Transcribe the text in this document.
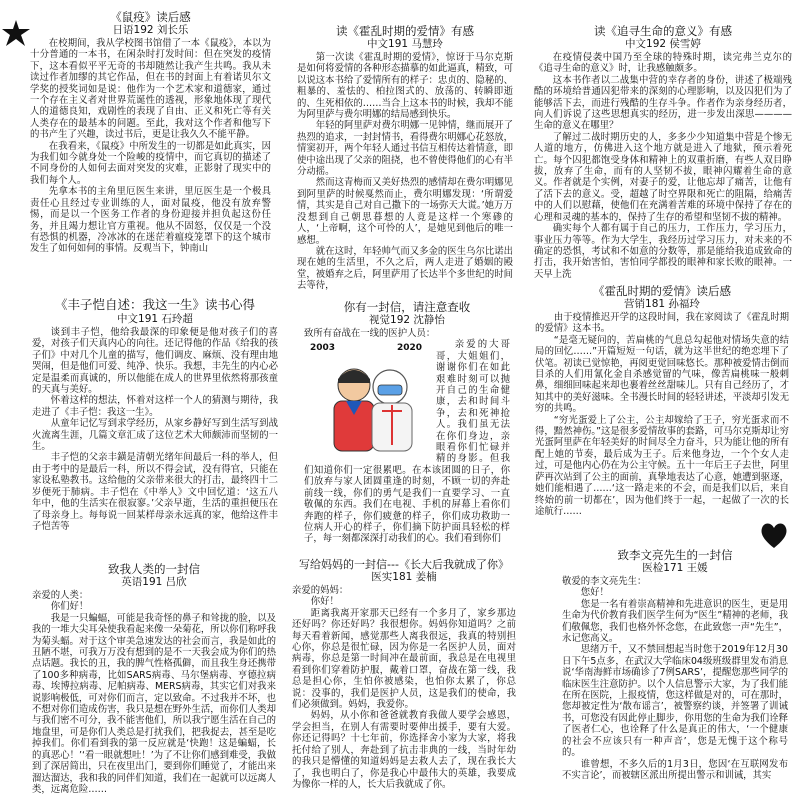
《鼠疫》读后感
日语192 刘长乐

在校期间，我从学校图书馆借了一本《鼠疫》，本以为十分普通的一本书，在闲杂时打发时间：但在突发的疫情下，这本看似平平无奇的书却随然让我产生共鸣。我从未读过作者加缪的其它作品，但在书的封面上有着诺贝尔文学奖的授奖词如是说：他作为一个艺术家和道德家，通过一个存在主义者对世界荒诞性的透视，形象地体现了现代人的道德良知，戏剧性的表现了自由、正义和死亡等有关人类存在的最基本的问题。至此，我对这个作者和他写下的书产生了兴趣，读过书后，更是让我久久不能平静。

在我看来，《鼠疫》中所发生的一切都是如此真实，因为我们如今就身处一个险峻的疫情中，而它真切的描述了不同身份的人如何去面对突发的灾难，正影射了现实中的我们每个人。

先拿本书的主角里厄医生来讲，里厄医生是一个极具责任心且经过专业训练的人，面对鼠疫，他没有放弃警惕，而是以一个医务工作者的身份迎接并担负起这份任务，并且竭力想让官方重视。他从不固怒，仅仅是一个没有恐惧的机器，冷冰冰的在迷茫着瘟疫笼罩下的这个城市发生了如何如何的事情。反观当下，钟南山

读《霍乱时期的爱情》有感
中文191 马慧玲

第一次读《霍乱时期的爱情》，惊讶于马尔克斯是如何将爱情的各种形态描摹的如此逼真，精致，可以说这本书给了爱情所有的样子：忠贞的、隐秘的、粗暴的、羞怯的、柏拉图式的、放荡的、转瞬即逝的、生死相依的……当合上这本书的时候，我却不能为阿里萨与费尔明娜的结局感到快乐。

年轻的阿里萨对费尔明娜一见钟情，继而展开了热烈的追求，一封封情书，看得费尔明娜心花怒放，情窦初开，两个年轻人通过书信互相传达着情意，即使中途出现了父亲的阻挠，也不曾使得他们的心有半分动摇。

然而这青梅而又美好热烈的感情却在费尔明娜见到阿里萨的时候戛然而止，费尔明娜发现：‘所谓爱情，其实是自己对自己撒下的一场弥天大谎。’她万万没想到自己朝思暮想的人竟是这样一个寒碜的人，‘上帝啊，这个可怜的人’，是她见到他后的唯一感想。

就在这时，年轻帅气而又多金的医生乌尔比诺出现在她的生活里，不久之后，两人走进了婚姻的殿堂，被婚弃之后，阿里萨用了长达半个多世纪的时间去等待，

读《追寻生命的意义》有感
中文192 侯雪婷

在疫情侵袭中国乃至全球的特殊时期，读完弗兰克尔的《追寻生命的意义》时，让我感触颇多。

这本书作者以二战集中营的幸存者的身份，讲述了极端残酷的环境给普通囚犯带来的深刻的心理影响，以及囚犯们为了能够活下去，而进行残酷的生存斗争。作者作为亲身经历者，向人们诉说了这些思想真实的经历，进一步发出深思————生命的意义在哪里？

了解过二战时期历史的人，多多少少知道集中营是个惨无人道的地方，仿佛进入这个地方就是进入了地狱，预示着死亡。每个囚犯都饱受身体和精神上的双重折磨，有些人双目睁拔，放弃了生命，而有的人坚韧不拔，眼神闪耀着生命的意义。作者就是个实例，对妻子的爱，让他忘却了痛苦，让他有了活下去的意义。受，超越了时空界限和死亡的阻隔，给痛苦中的人们以慰藉，使他们在充满着苦难的环境中保持了存在的心理和灵魂的基本的，保持了生存的希望和坚韧不拔的精神。

确实每个人都有属于自己的压力，工作压力，学习压力，事业压力等等。作为大学生，我经历过学习压力，对未来的不确定的恐惧，考试和不如意的分数等，那是能给我追成致命的打击，我开始害怕，害怕同学都投的眼神和家长败的眼神。一天早上洗

《丰子恺自述：我这一生》读书心得
中文191 石玲超

谈到丰子恺，他给我最深的印象便是他对孩子们的喜爱，对孩子们天真内心的向往。还记得他的作品《给我的孩子们》中对几个儿童的描写，他们调皮、麻烦、没有理由地哭闹，但是他们可爱、纯净、快乐。我想，丰先生的内心必定是温柔而真诚的，所以他能在成人的世界里依然将那孩童的天真与美好。

怀着这样的想法，怀着对这样一个人的猜测与期待，我走进了《丰子恺：我这一生》。

从童年记忆写到求学经历，从家乡静好写到生活写到战火流离生涯，几篇文章汇成了这位艺术大师颇沛而坚韧的一生。

丰子恺的父亲丰鐄是清朝光绪年间最后一科的举人，但由于考中的是最后一科，所以不得会试，没有得官，只能在家设私塾教书。这给他的父亲带来很大的打击，最终四十二岁便死于肺病。丰子恺在《中举人》文中回忆道：‘这五八年中，他的生活实在很寂寥。’父亲早逝，生活的重担便压在了母亲身上。每每说一回某样母亲永远真的家，他给这件丰子恺苦等

你有一封信，请注意查收
视觉192 沈静怡

致所有奋战在一线的医护人员：

2003	2020	亲爱的大哥哥，大姐姐们，谢谢你们在如此艰难时刻可以抛开自己的生命健康，去和时间斗争，去和死神抢人。我们虽无法在你们身边，亲眼看你们忙碌并精的身影。但我们知道你们一定很累吧。在本该团圆的日子，你们放弃与家人团圆重逢的时刻，不顾一切的奔赴前线一线，你们的勇气是我们一直要学习、一直敬佩的东西。我们在电视、手机的屏幕上看你们奔跑的样子，你们疲惫的样子，你们成功救助一位病人开心的样子，你们摘下防护面具轻松的样子，每一刻都深深打动我们的心。我们看到你们

《霍乱时期的爱情》读后感
营销181 孙福玲

由于疫情推迟开学的这段时间，我在家阅读了《霍乱时期的爱情》这本书。

“是毫无疑问的，苦扁桃的气息总勾起他对情场失意的结局的回忆……”开篇短短一句话，就为这半世纪的绝恋埋下了伏笔。初读已觉惊艳，再阅更觉回味悠长。那种被爱情击倒而目杀的人们用氰化金自杀感觉留的气味，像苦扁桃味一般刺鼻，细细回味起来却也裹着丝丝甜味儿。只有自己经历了，才知其中的美好滋味。全书漫长时间的轻轻讲述，平淡却引发无穷的共鸣。

“穷光蛋爱上了公主，公主却嫁给了王子，穷光蛋求而不得，黯然神伤。”这是很多爱情故事的套路，可马尔克斯却让穷光蛋阿里萨在年轻美好的时间尽全力奋斗，只为能让他的所有配上她的节奏，最后成为王子。后来他身边，一个个女人走过，可是他内心仍在为公主守候。五十一年后王子去世，阿里萨再次站到了公主的面前，真挚地表达了心意，她遭到驱逐，她们能相遇了……‘这一路走来的不会，而是我们以后，来自终始的前一切都在’，因为他们终于一起，一起做了一次的长途航行……

致我人类的一封信
英语191 吕欣

亲爱的人类：

你们好！

我是一只蝙蝠，可能是我奇怪的鼻子和耸拢的脸，以及我的一堆大尖耳朵使我看起来像一朵菊花，所以你们称呼我为菊头蝠。对于这个审美急速发达的社会而言，我是如此的丑陋不堪，可我万万没有想到的是不一天我会成为你们的热点话题。我长的丑，我的脾气性格孤僻，而且我生身还携带了100多种病毒，比如SARS病毒、马尔堡病毒、亨德拉病毒、埃博拉病毒、尼帕病毒、MERS病毒，其实它们对我来说影响极低，可对你们而言，定以致命。不过我并不坏，也不想对你们造成伤害，我只是想在野外生活，而你们人类却与我们密不可分，我不能害他们，所以我宁愿生活在自己的地盘里，可是你们人类总是打扰我们，把我捉去，甚至是吃掉我们。你们看到我的第一反应就是‘快跑！这是蝙蝠，长的真恶心！’‘看一眼就想吐！’为了不让你们感到难受，我做到了深居简出，只在夜里出门，要到你们睡觉了，才能出来溜达溜达，我和我的同伴们知道，我们在一起就可以远离人类，远离危险……

写给妈妈的一封信---《长大后我就成了你》
医实181 姜楠

亲爱的妈妈：

你好！

距离我离开家那天已经有一个多月了，家乡那边还好吗？你还好吗？我很想你。妈妈你知道吗？之前每天看着新闻，感觉那些人离我很远，我真的特别担心你，你总是很忙碌，因为你是一名医护人员，面对病毒，你总是第一时间冲在最前面，我总是在电视里看到你们穿着防护服，戴着口罩，奋战在第一线，我总是担心你，生怕你被感染，也怕你太累了，你总说：没事的，我们是医护人员，这是我们的使命，我们必须做到。妈妈，我爱你。

妈妈，从小你和爸爸就教育我做人要学会感恩，学会担当，在别人有需要时要伸出援手，要有大爱。你还记得吗？十七年前，你选择舍小家为大家，将我托付给了别人，奔赴到了抗击非典的一线，当时年幼的我只是懵懂的知道妈妈是去救人去了，现在我长大了，我也明白了，你是我心中最伟大的英雄，我要成为像你一样的人，长大后我就成了你。

致李文亮先生的一封信
医检171 王媛

敬爱的李文亮先生：

您好！

您是一名有着崇高精神和先进意识的医生，更是用生命为代价教育我们医学生何为“医生”精神的老师，我们敬佩您，我们也格外怀念您，在此致您一声“先生”，永记您高义。

思绪万千，又不禁回想起当时您于2019年12月30日下午5点多，在武汉大学临床04级班级群里发布消息说‘华南海鲜市场确诊了7例SARS’，提醒您那些同学的临床医生注意防护。以个人信息警示大家，为了我们能在所在医院，上报疫情，您这样做是对的，可在那时，您却被定性为‘散布谣言’，被警察约谈，并签署了训诫书，可您没有因此停止脚步，你用您的生命为我们诠释了医者仁心，也诠释了什么是真正的伟大，‘一个健康的社会不应该只有一种声音’，您是无愧于这个称号的。

谁曾想，不多久后的1月3日，您因‘在互联网发布不实言论’，而被辖区派出所提出警示和训诫，其实
